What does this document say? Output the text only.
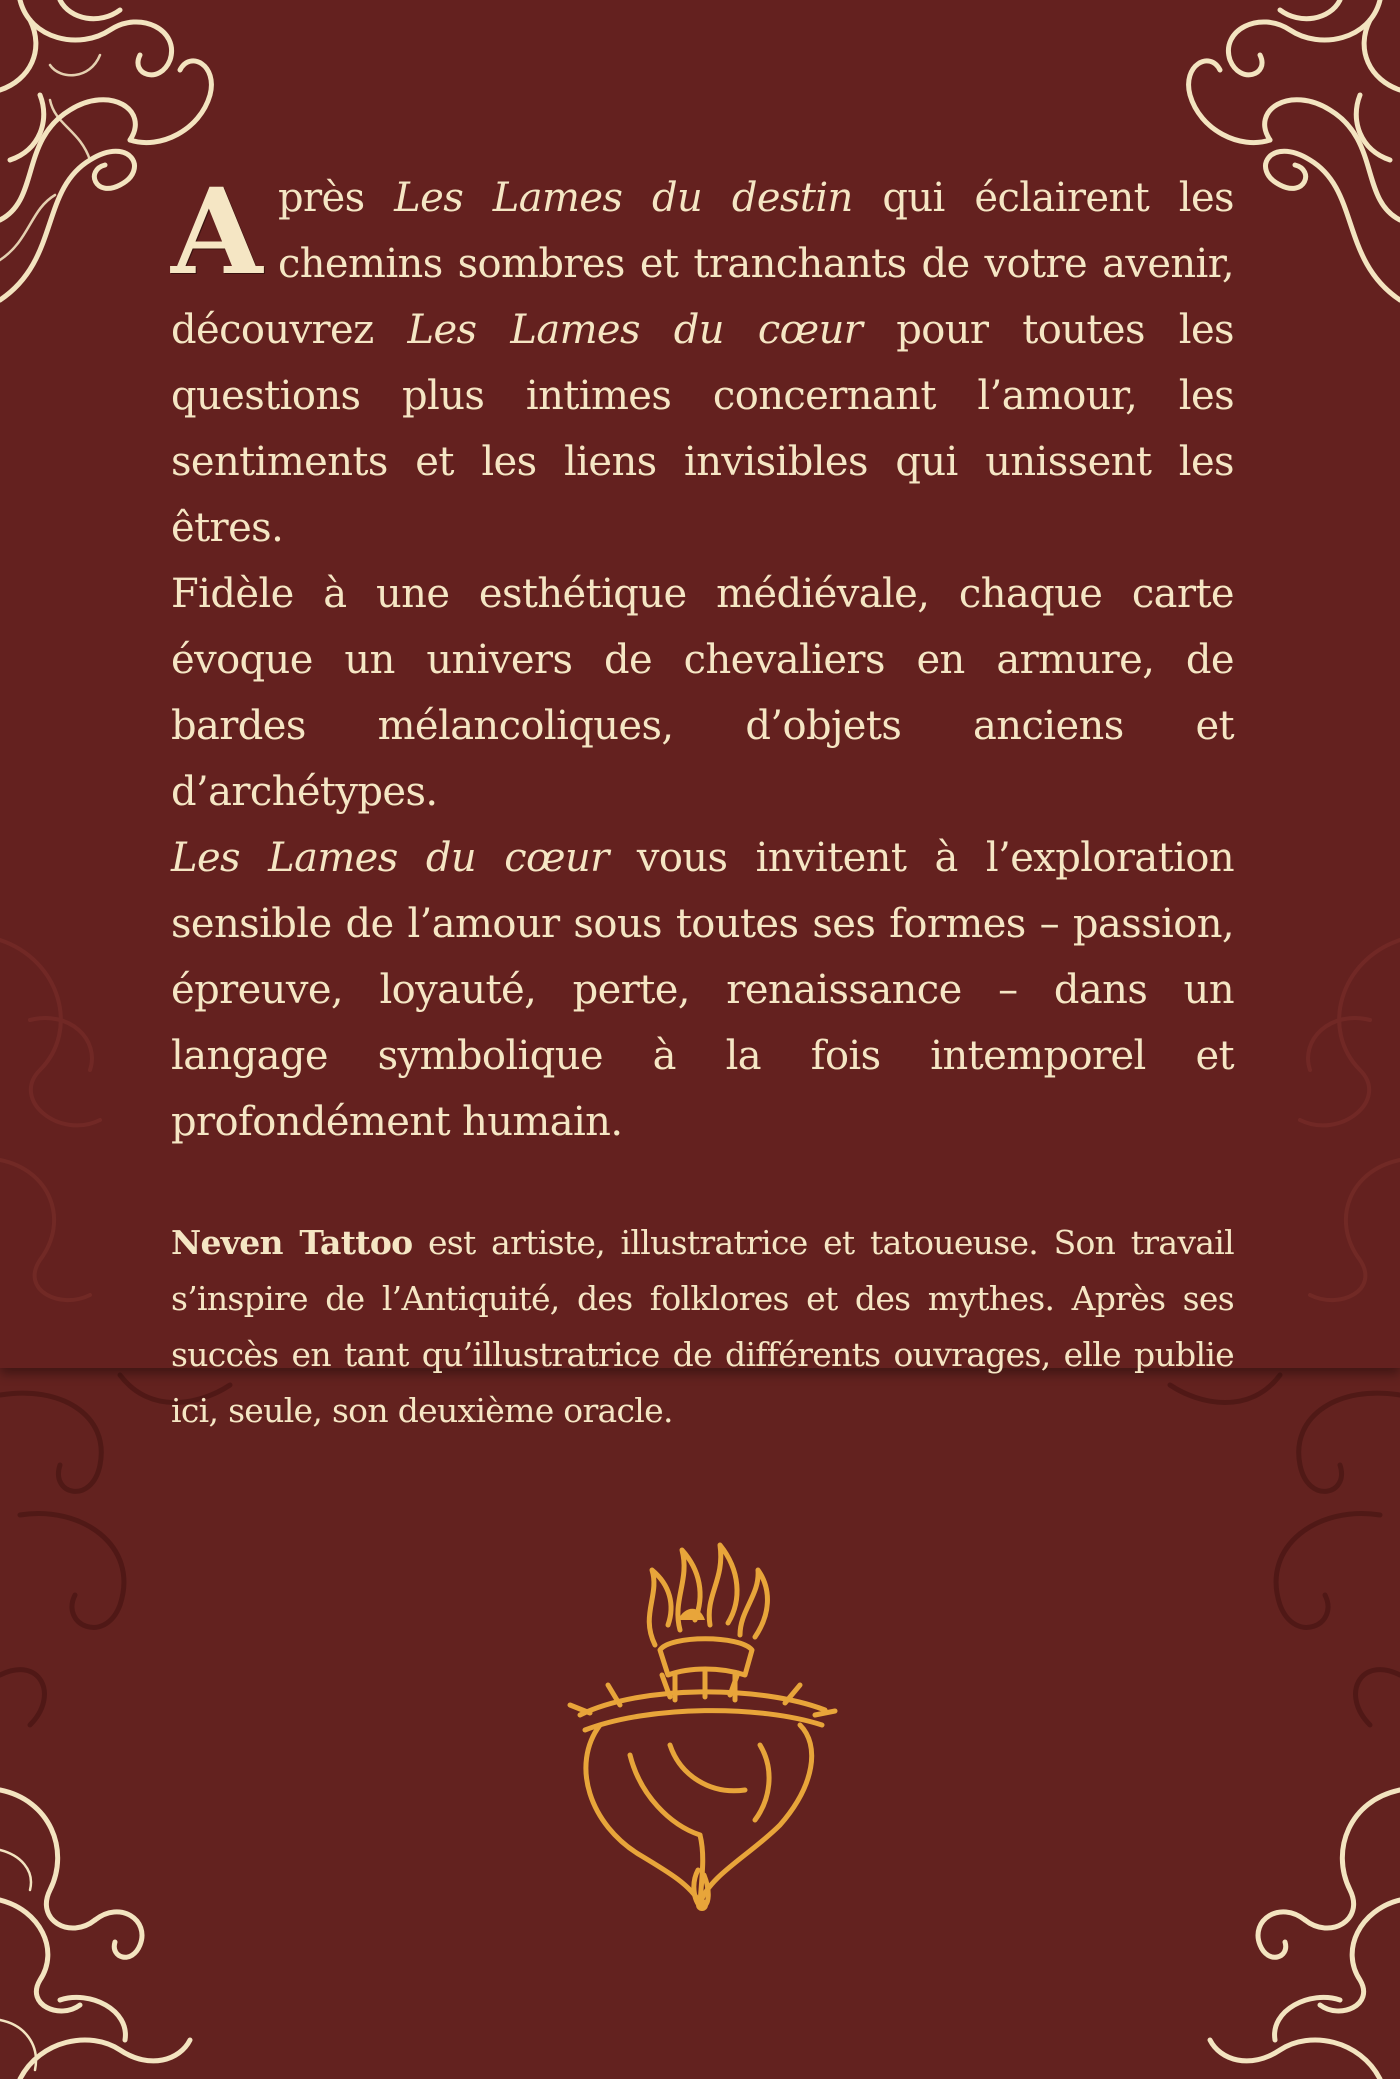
Après Les Lames du destin qui éclairent les chemins sombres et tranchants de votre avenir, découvrez Les Lames du cœur pour toutes les questions plus intimes concernant l’amour, les sentiments et les liens invisibles qui unissent les êtres.

Fidèle à une esthétique médiévale, chaque carte évoque un univers de chevaliers en armure, de bardes mélancoliques, d’objets anciens et d’archétypes.

Les Lames du cœur vous invitent à l’exploration sensible de l’amour sous toutes ses formes – passion, épreuve, loyauté, perte, renaissance – dans un langage symbolique à la fois intemporel et profondément humain.

Neven Tattoo est artiste, illustratrice et tatoueuse. Son travail s’inspire de l’Antiquité, des folklores et des mythes. Après ses succès en tant qu’illustratrice de différents ouvrages, elle publie ici, seule, son deuxième oracle.
